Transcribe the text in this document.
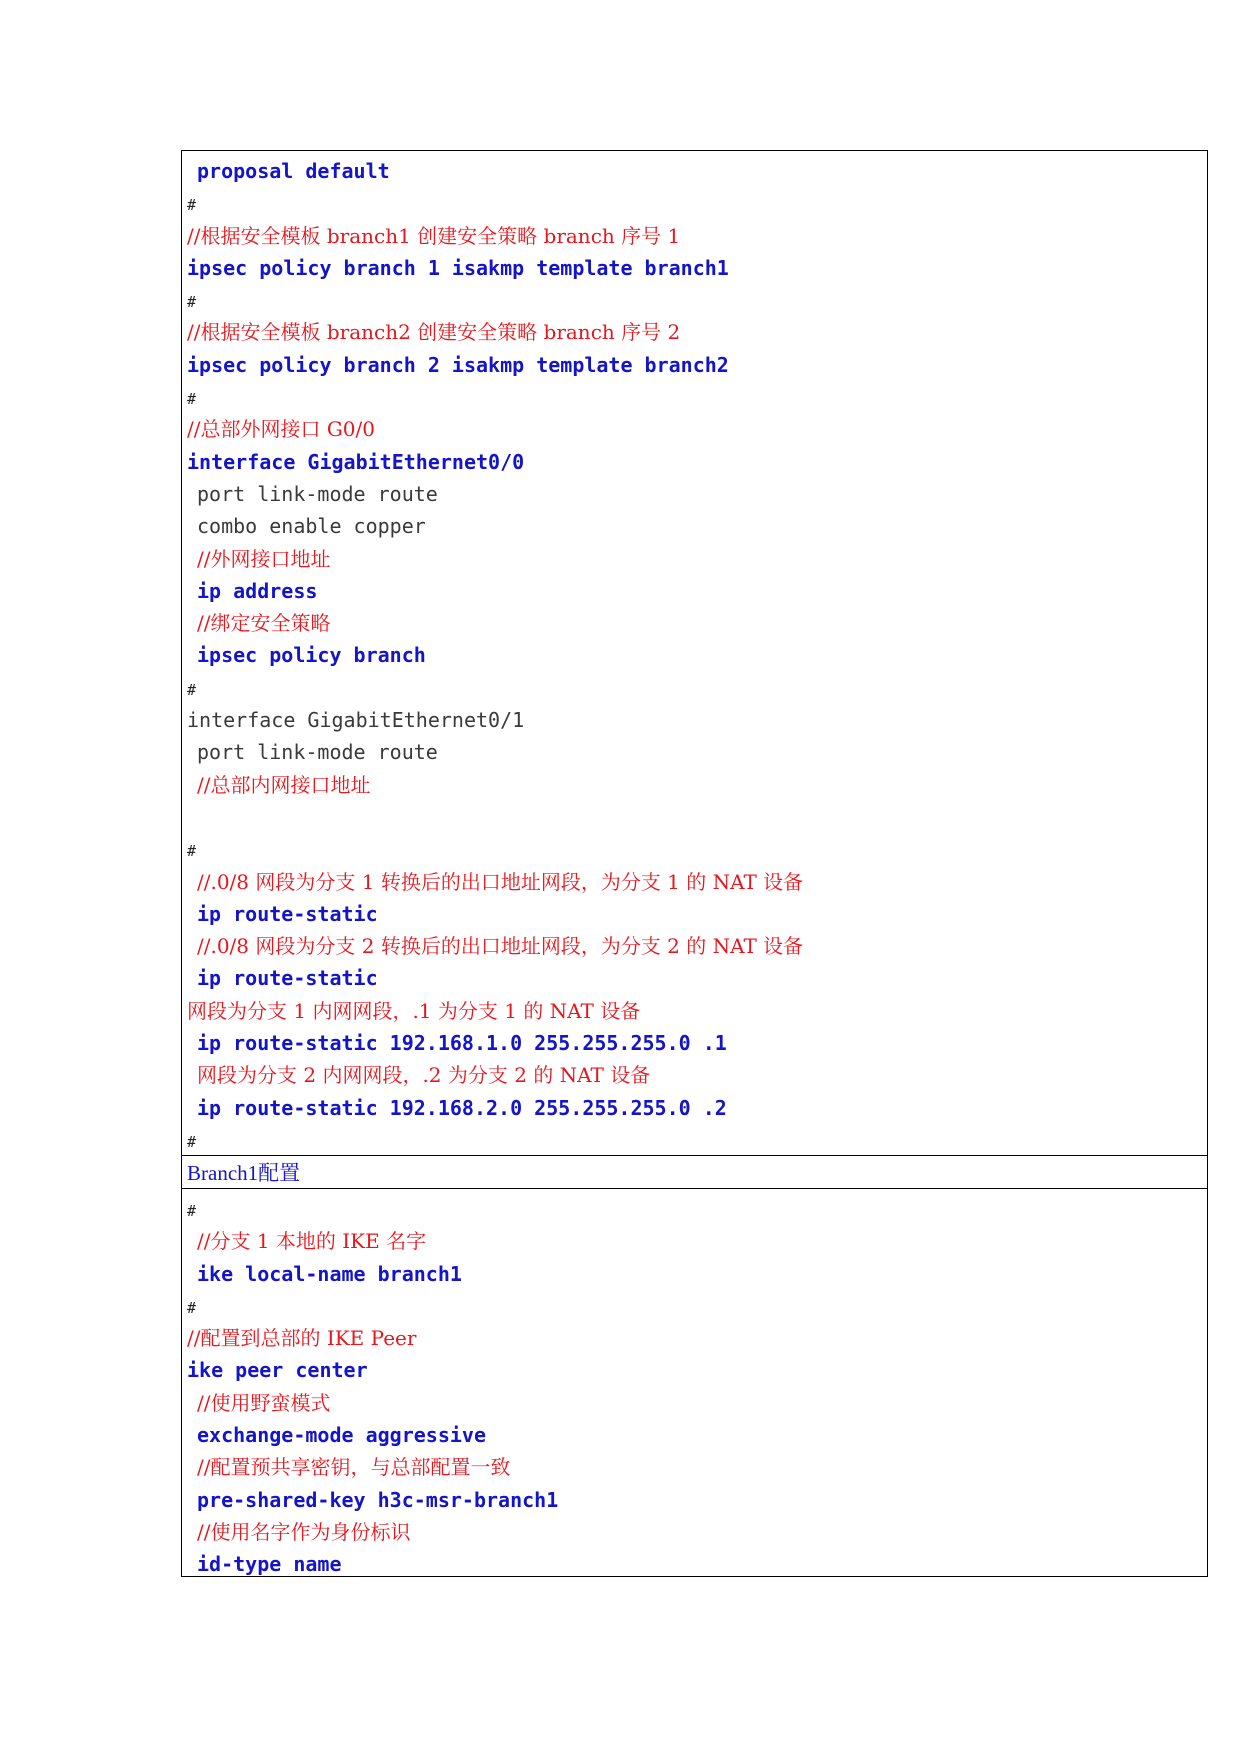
proposal default
#
//根据安全模板 branch1 创建安全策略 branch 序号 1
ipsec policy branch 1 isakmp template branch1
#
//根据安全模板 branch2 创建安全策略 branch 序号 2
ipsec policy branch 2 isakmp template branch2
#
//总部外网接口 G0/0
interface GigabitEthernet0/0
port link-mode route
combo enable copper
//外网接口地址
ip address
//绑定安全策略
ipsec policy branch
#
interface GigabitEthernet0/1
port link-mode route
//总部内网接口地址
#
//.0/8 网段为分支 1 转换后的出口地址网段，为分支 1 的 NAT 设备
ip route-static
//.0/8 网段为分支 2 转换后的出口地址网段，为分支 2 的 NAT 设备
ip route-static
网段为分支 1 内网网段，.1 为分支 1 的 NAT 设备
ip route-static 192.168.1.0 255.255.255.0 .1
网段为分支 2 内网网段，.2 为分支 2 的 NAT 设备
ip route-static 192.168.2.0 255.255.255.0 .2
#
Branch1配置
#
//分支 1 本地的 IKE 名字
ike local-name branch1
#
//配置到总部的 IKE Peer
ike peer center
//使用野蛮模式
exchange-mode aggressive
//配置预共享密钥，与总部配置一致
pre-shared-key h3c-msr-branch1
//使用名字作为身份标识
id-type name
